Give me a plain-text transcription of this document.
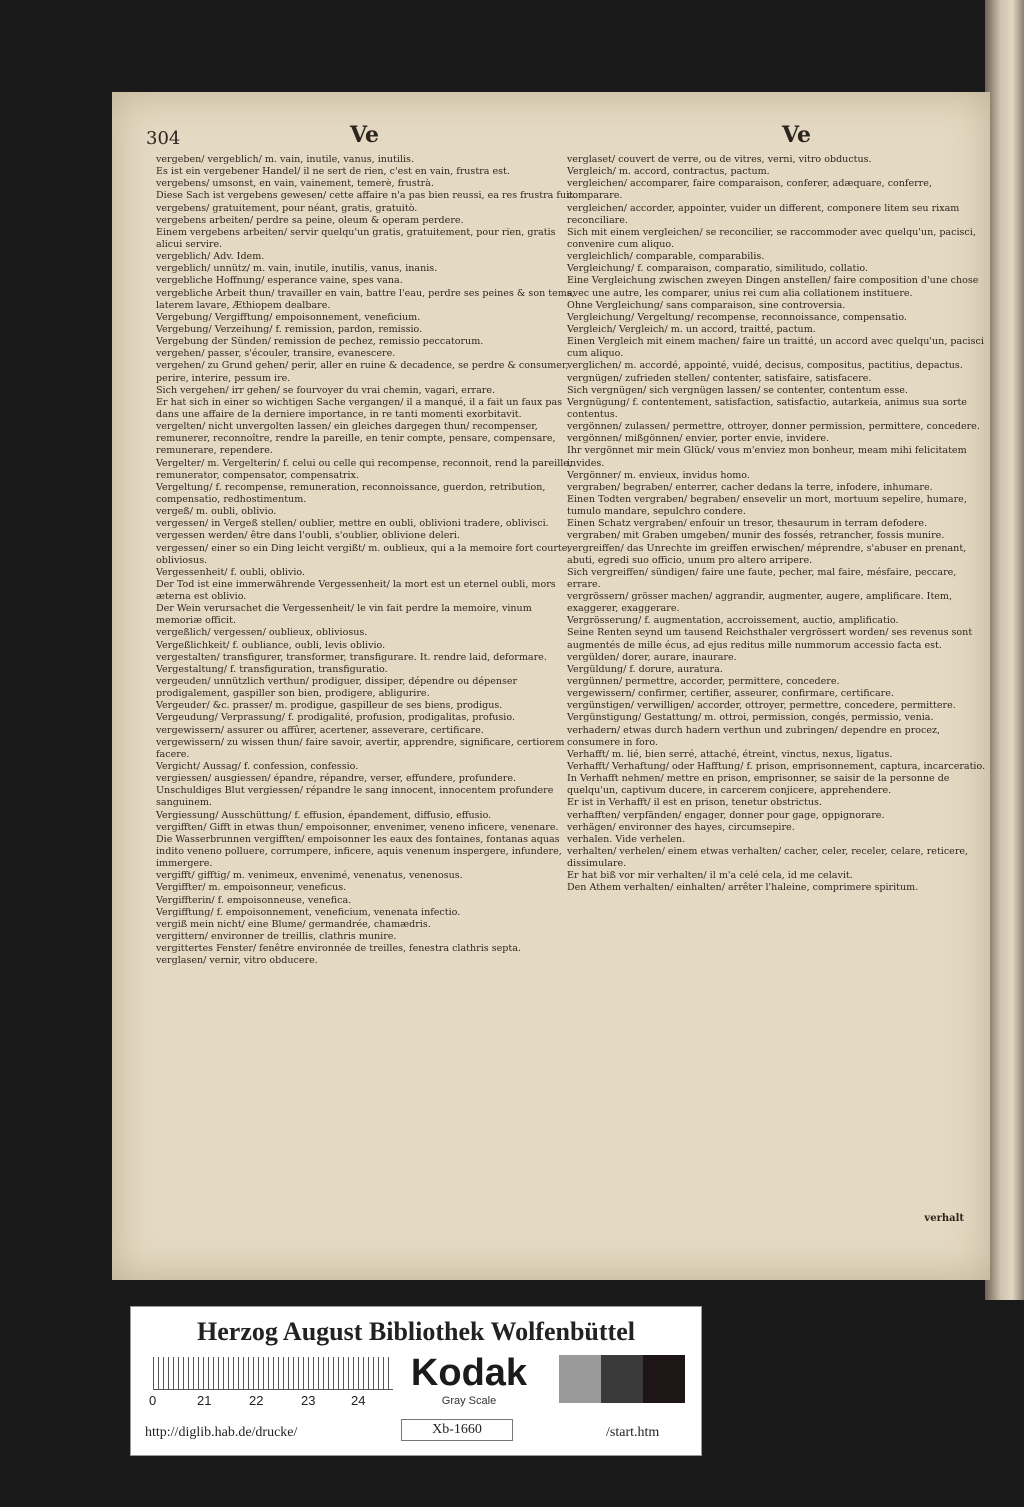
304	Ve	Ve

vergeben/ vergeblich/ m. vain, inutile, vanus, inutilis.

Es ist ein vergebener Handel/ il ne sert de rien, c'est en vain, frustra est.

vergebens/ umsonst, en vain, vainement, temerè, frustrà.

Diese Sach ist vergebens gewesen/ cette affaire n'a pas bien reussi, ea res frustra fuit.

vergebens/ gratuitement, pour néant, gratis, gratuitò.

vergebens arbeiten/ perdre sa peine, oleum & operam perdere.

Einem vergebens arbeiten/ servir quelqu'un gratis, gratuitement, pour rien, gratis alicui servire.

vergeblich/ Adv. Idem.

vergeblich/ unnütz/ m. vain, inutile, inutilis, vanus, inanis.

vergebliche Hoffnung/ esperance vaine, spes vana.

vergebliche Arbeit thun/ travailler en vain, battre l'eau, perdre ses peines & son tems, laterem lavare, Æthiopem dealbare.

Vergebung/ Vergifftung/ empoisonnement, veneficium.

Vergebung/ Verzeihung/ f. remission, pardon, remissio.

Vergebung der Sünden/ remission de pechez, remissio peccatorum.

vergehen/ passer, s'écouler, transire, evanescere.

vergehen/ zu Grund gehen/ perir, aller en ruine & decadence, se perdre & consumer, perire, interire, pessum ire.

Sich vergehen/ irr gehen/ se fourvoyer du vrai chemin, vagari, errare.

Er hat sich in einer so wichtigen Sache vergangen/ il a manqué, il a fait un faux pas dans une affaire de la derniere importance, in re tanti momenti exorbitavit.

vergelten/ nicht unvergolten lassen/ ein gleiches dargegen thun/ recompenser, remunerer, reconnoître, rendre la pareille, en tenir compte, pensare, compensare, remunerare, rependere.

Vergelter/ m. Vergelterin/ f. celui ou celle qui recompense, reconnoit, rend la pareille, remunerator, compensator, compensatrix.

Vergeltung/ f. recompense, remuneration, reconnoissance, guerdon, retribution, compensatio, redhostimentum.

vergeß/ m. oubli, oblivio.

vergessen/ in Vergeß stellen/ oublier, mettre en oubli, oblivioni tradere, oblivisci.

vergessen werden/ être dans l'oubli, s'oublier, oblivione deleri.

vergessen/ einer so ein Ding leicht vergißt/ m. oublieux, qui a la memoire fort courte, obliviosus.

Vergessenheit/ f. oubli, oblivio.

Der Tod ist eine immerwährende Vergessenheit/ la mort est un eternel oubli, mors æterna est oblivio.

Der Wein verursachet die Vergessenheit/ le vin fait perdre la memoire, vinum memoriæ officit.

vergeßlich/ vergessen/ oublieux, obliviosus.

Vergeßlichkeit/ f. oubliance, oubli, levis oblivio.

vergestalten/ transfigurer, transformer, transfigurare. It. rendre laid, deformare.

Vergestaltung/ f. transfiguration, transfiguratio.

vergeuden/ unnützlich verthun/ prodiguer, dissiper, dépendre ou dépenser prodigalement, gaspiller son bien, prodigere, abligurire.

Vergeuder/ &c. prasser/ m. prodigue, gaspilleur de ses biens, prodigus.

Vergeudung/ Verprassung/ f. prodigalité, profusion, prodigalitas, profusio.

vergewissern/ assurer ou affûrer, acertener, asseverare, certificare.

vergewissern/ zu wissen thun/ faire savoir, avertir, apprendre, significare, certiorem facere.

Vergicht/ Aussag/ f. confession, confessio.

vergiessen/ ausgiessen/ épandre, répandre, verser, effundere, profundere.

Unschuldiges Blut vergiessen/ répandre le sang innocent, innocentem profundere sanguinem.

Vergiessung/ Ausschüttung/ f. effusion, épandement, diffusio, effusio.

vergifften/ Gifft in etwas thun/ empoisonner, envenimer, veneno inficere, venenare.

Die Wasserbrunnen vergifften/ empoisonner les eaux des fontaines, fontanas aquas indito veneno polluere, corrumpere, inficere, aquis venenum inspergere, infundere, immergere.

vergifft/ gifftig/ m. venimeux, envenimé, venenatus, venenosus.

Vergiffter/ m. empoisonneur, veneficus.

Vergiffterin/ f. empoisonneuse, venefica.

Vergifftung/ f. empoisonnement, veneficium, venenata infectio.

vergiß mein nicht/ eine Blume/ germandrée, chamædris.

vergittern/ environner de treillis, clathris munire.

vergittertes Fenster/ fenêtre environnée de treilles, fenestra clathris septa.

verglasen/ vernir, vitro obducere.

verglaset/ couvert de verre, ou de vitres, verni, vitro obductus.

Vergleich/ m. accord, contractus, pactum.

vergleichen/ accomparer, faire comparaison, conferer, adæquare, conferre, comparare.

vergleichen/ accorder, appointer, vuider un different, componere litem seu rixam reconciliare.

Sich mit einem vergleichen/ se reconcilier, se raccommoder avec quelqu'un, pacisci, convenire cum aliquo.

vergleichlich/ comparable, comparabilis.

Vergleichung/ f. comparaison, comparatio, similitudo, collatio.

Eine Vergleichung zwischen zweyen Dingen anstellen/ faire composition d'une chose avec une autre, les comparer, unius rei cum alia collationem instituere.

Ohne Vergleichung/ sans comparaison, sine controversia.

Vergleichung/ Vergeltung/ recompense, reconnoissance, compensatio.

Vergleich/ Vergleich/ m. un accord, traitté, pactum.

Einen Vergleich mit einem machen/ faire un traitté, un accord avec quelqu'un, pacisci cum aliquo.

verglichen/ m. accordé, appointé, vuidé, decisus, compositus, pactitius, depactus.

vergnügen/ zufrieden stellen/ contenter, satisfaire, satisfacere.

Sich vergnügen/ sich vergnügen lassen/ se contenter, contentum esse.

Vergnügung/ f. contentement, satisfaction, satisfactio, autarkeia, animus sua sorte contentus.

vergönnen/ zulassen/ permettre, ottroyer, donner permission, permittere, concedere.

vergönnen/ mißgönnen/ envier, porter envie, invidere.

Ihr vergönnet mir mein Glück/ vous m'enviez mon bonheur, meam mihi felicitatem invides.

Vergönner/ m. envieux, invidus homo.

vergraben/ begraben/ enterrer, cacher dedans la terre, infodere, inhumare.

Einen Todten vergraben/ begraben/ ensevelir un mort, mortuum sepelire, humare, tumulo mandare, sepulchro condere.

Einen Schatz vergraben/ enfouir un tresor, thesaurum in terram defodere.

vergraben/ mit Graben umgeben/ munir des fossés, retrancher, fossis munire.

vergreiffen/ das Unrechte im greiffen erwischen/ méprendre, s'abuser en prenant, abuti, egredi suo officio, unum pro altero arripere.

Sich vergreiffen/ sündigen/ faire une faute, pecher, mal faire, mésfaire, peccare, errare.

vergrössern/ grösser machen/ aggrandir, augmenter, augere, amplificare. Item, exaggerer, exaggerare.

Vergrösserung/ f. augmentation, accroissement, auctio, amplificatio.

Seine Renten seynd um tausend Reichsthaler vergrössert worden/ ses revenus sont augmentés de mille écus, ad ejus reditus mille nummorum accessio facta est.

vergülden/ dorer, aurare, inaurare.

Vergüldung/ f. dorure, auratura.

vergünnen/ permettre, accorder, permittere, concedere.

vergewissern/ confirmer, certifier, asseurer, confirmare, certificare.

vergünstigen/ verwilligen/ accorder, ottroyer, permettre, concedere, permittere.

Vergünstigung/ Gestattung/ m. ottroi, permission, congés, permissio, venia.

verhadern/ etwas durch hadern verthun und zubringen/ dependre en procez, consumere in foro.

Verhafft/ m. lié, bien serré, attaché, étreint, vinctus, nexus, ligatus.

Verhafft/ Verhaftung/ oder Hafftung/ f. prison, emprisonnement, captura, incarceratio.

In Verhafft nehmen/ mettre en prison, emprisonner, se saisir de la personne de quelqu'un, captivum ducere, in carcerem conjicere, apprehendere.

Er ist in Verhafft/ il est en prison, tenetur obstrictus.

verhafften/ verpfänden/ engager, donner pour gage, oppignorare.

verhägen/ environner des hayes, circumsepire.

verhalen. Vide verhelen.

verhalten/ verhelen/ einem etwas verhalten/ cacher, celer, receler, celare, reticere, dissimulare.

Er hat biß vor mir verhalten/ il m'a celé cela, id me celavit.

Den Athem verhalten/ einhalten/ arrêter l'haleine, comprimere spiritum.

verhalt
Herzog August Bibliothek Wolfenbüttel
0	21	22	23	24
Kodak
Gray Scale
http://diglib.hab.de/drucke/	Xb-1660	/start.htm
